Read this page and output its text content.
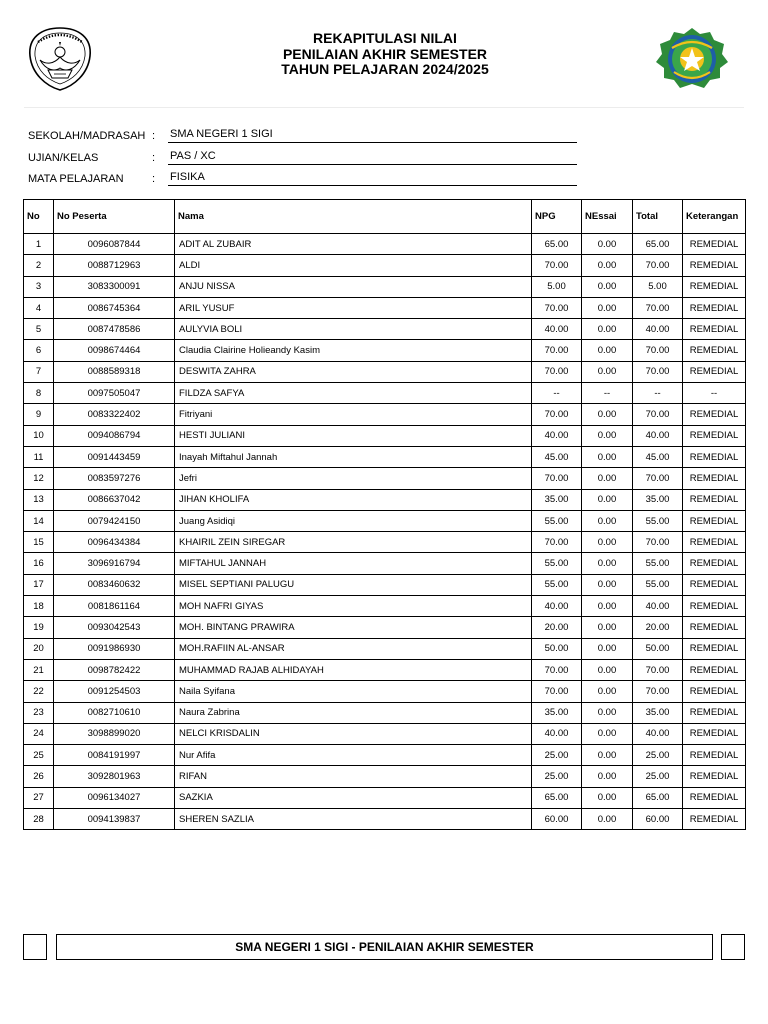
REKAPITULASI NILAI
PENILAIAN AKHIR SEMESTER
TAHUN PELAJARAN 2024/2025
SEKOLAH/MADRASAH : SMA NEGERI 1 SIGI
UJIAN/KELAS	: PAS / XC
MATA PELAJARAN	: FISIKA
No	No Peserta	Nama	NPG	NEssai	Total	Keterangan
1	0096087844	ADIT AL ZUBAIR	65.00	0.00	65.00	REMEDIAL
2	0088712963	ALDI	70.00	0.00	70.00	REMEDIAL
3	3083300091	ANJU NISSA	5.00	0.00	5.00	REMEDIAL
4	0086745364	ARIL YUSUF	70.00	0.00	70.00	REMEDIAL
5	0087478586	AULYVIA BOLI	40.00	0.00	40.00	REMEDIAL
6	0098674464	Claudia Clairine Holieandy Kasim	70.00	0.00	70.00	REMEDIAL
7	0088589318	DESWITA ZAHRA	70.00	0.00	70.00	REMEDIAL
8	0097505047	FILDZA SAFYA	--	--	--	--
9	0083322402	Fitriyani	70.00	0.00	70.00	REMEDIAL
10	0094086794	HESTI JULIANI	40.00	0.00	40.00	REMEDIAL
11	0091443459	Inayah Miftahul Jannah	45.00	0.00	45.00	REMEDIAL
12	0083597276	Jefri	70.00	0.00	70.00	REMEDIAL
13	0086637042	JIHAN KHOLIFA	35.00	0.00	35.00	REMEDIAL
14	0079424150	Juang Asidiqi	55.00	0.00	55.00	REMEDIAL
15	0096434384	KHAIRIL ZEIN SIREGAR	70.00	0.00	70.00	REMEDIAL
16	3096916794	MIFTAHUL JANNAH	55.00	0.00	55.00	REMEDIAL
17	0083460632	MISEL SEPTIANI PALUGU	55.00	0.00	55.00	REMEDIAL
18	0081861164	MOH NAFRI GIYAS	40.00	0.00	40.00	REMEDIAL
19	0093042543	MOH. BINTANG PRAWIRA	20.00	0.00	20.00	REMEDIAL
20	0091986930	MOH.RAFIIN AL-ANSAR	50.00	0.00	50.00	REMEDIAL
21	0098782422	MUHAMMAD RAJAB ALHIDAYAH	70.00	0.00	70.00	REMEDIAL
22	0091254503	Naila Syifana	70.00	0.00	70.00	REMEDIAL
23	0082710610	Naura Zabrina	35.00	0.00	35.00	REMEDIAL
24	3098899020	NELCI KRISDALIN	40.00	0.00	40.00	REMEDIAL
25	0084191997	Nur Afifa	25.00	0.00	25.00	REMEDIAL
26	3092801963	RIFAN	25.00	0.00	25.00	REMEDIAL
27	0096134027	SAZKIA	65.00	0.00	65.00	REMEDIAL
28	0094139837	SHEREN SAZLIA	60.00	0.00	60.00	REMEDIAL
SMA NEGERI 1 SIGI - PENILAIAN AKHIR SEMESTER
